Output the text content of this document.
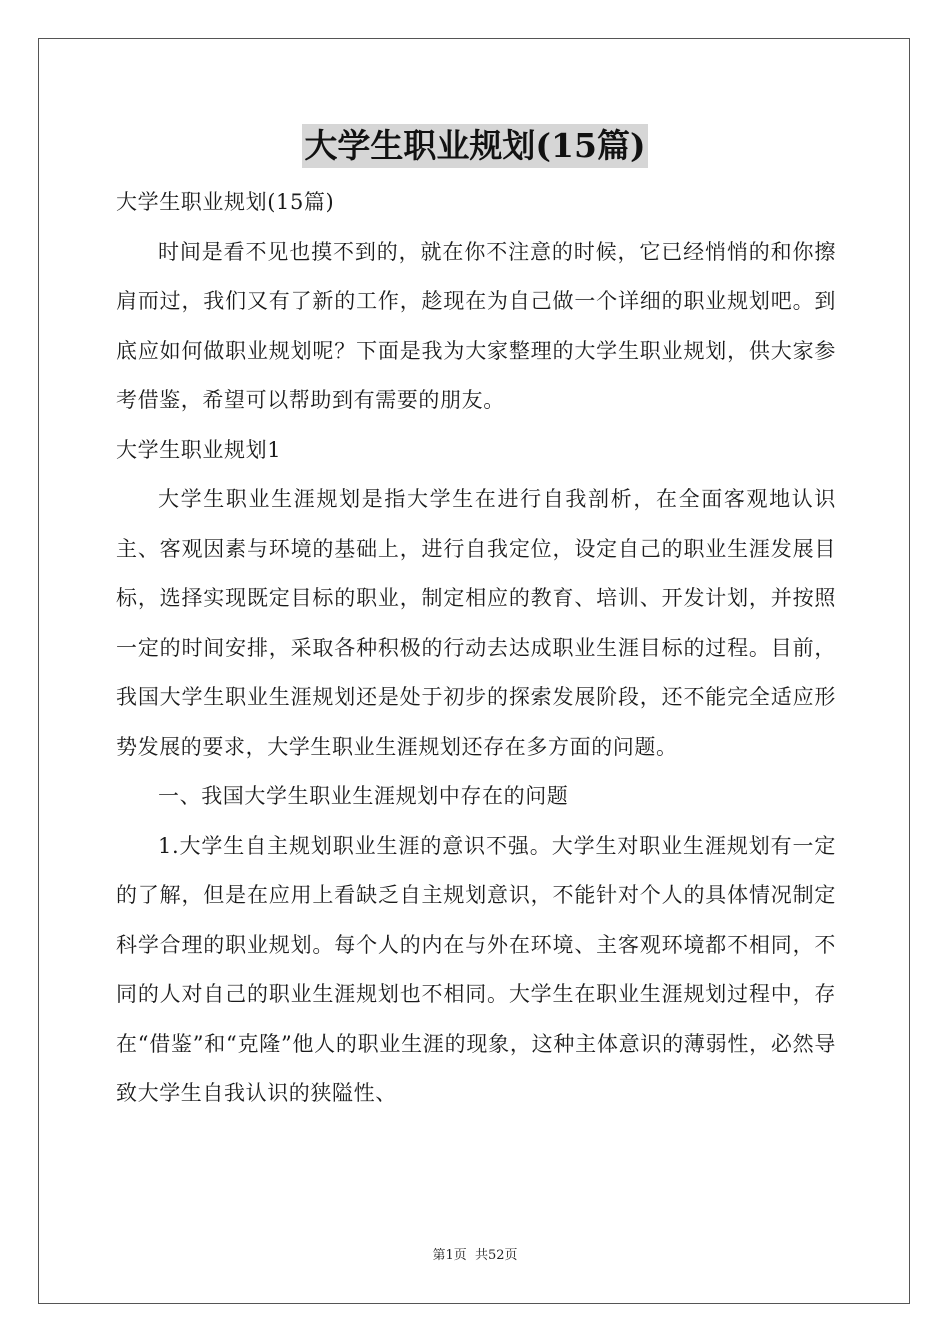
大学生职业规划(15篇)

大学生职业规划(15篇)

时间是看不见也摸不到的，就在你不注意的时候，它已经悄悄的和你擦肩而过，我们又有了新的工作，趁现在为自己做一个详细的职业规划吧。到底应如何做职业规划呢？下面是我为大家整理的大学生职业规划，供大家参考借鉴，希望可以帮助到有需要的朋友。

大学生职业规划1

大学生职业生涯规划是指大学生在进行自我剖析，在全面客观地认识主、客观因素与环境的基础上，进行自我定位，设定自己的职业生涯发展目标，选择实现既定目标的职业，制定相应的教育、培训、开发计划，并按照一定的时间安排，采取各种积极的行动去达成职业生涯目标的过程。目前，我国大学生职业生涯规划还是处于初步的探索发展阶段，还不能完全适应形势发展的要求，大学生职业生涯规划还存在多方面的问题。

一、我国大学生职业生涯规划中存在的问题

1.大学生自主规划职业生涯的意识不强。大学生对职业生涯规划有一定的了解，但是在应用上看缺乏自主规划意识，不能针对个人的具体情况制定科学合理的职业规划。每个人的内在与外在环境、主客观环境都不相同，不同的人对自己的职业生涯规划也不相同。大学生在职业生涯规划过程中，存在“借鉴”和“克隆”他人的职业生涯的现象，这种主体意识的薄弱性，必然导致大学生自我认识的狭隘性、

第1页  共52页
